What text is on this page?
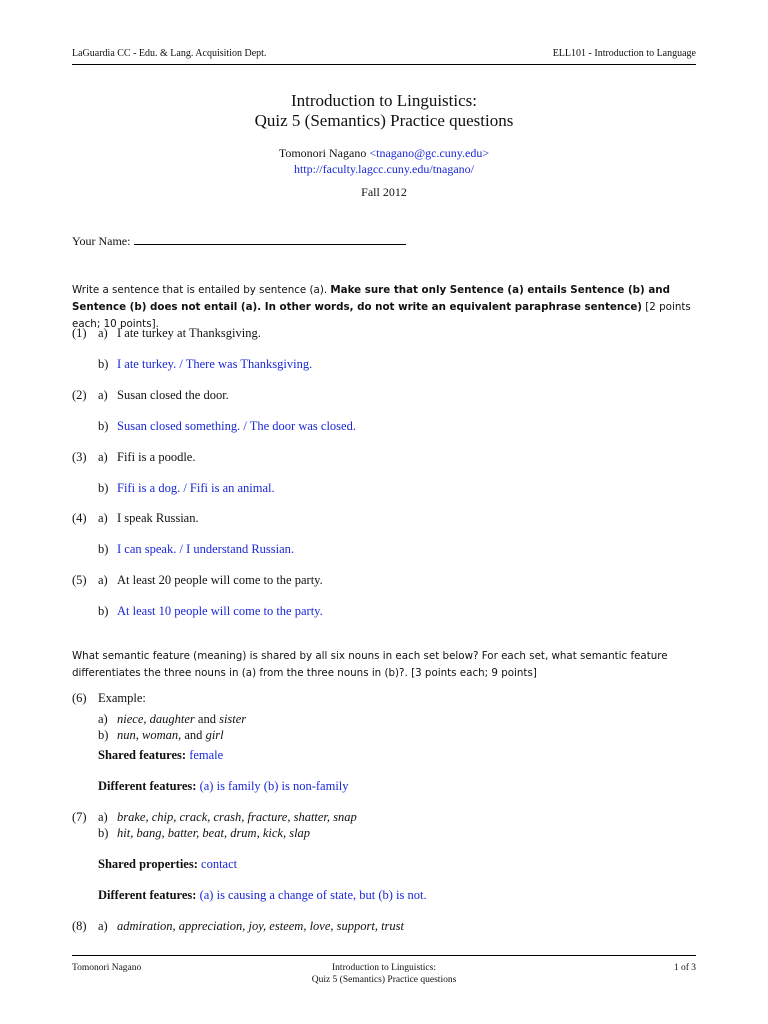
LaGuardia CC - Edu. & Lang. Acquisition Dept.	ELL101 - Introduction to Language
Introduction to Linguistics:
Quiz 5 (Semantics) Practice questions
Tomonori Nagano <tnagano@gc.cuny.edu>
http://faculty.lagcc.cuny.edu/tnagano/
Fall 2012
Your Name:
Write a sentence that is entailed by sentence (a). Make sure that only Sentence (a) entails Sentence (b) and Sentence (b) does not entail (a). In other words, do not write an equivalent paraphrase sentence) [2 points each; 10 points].
(1) a) I ate turkey at Thanksgiving.
b) I ate turkey. / There was Thanksgiving.
(2) a) Susan closed the door.
b) Susan closed something. / The door was closed.
(3) a) Fifi is a poodle.
b) Fifi is a dog. / Fifi is an animal.
(4) a) I speak Russian.
b) I can speak. / I understand Russian.
(5) a) At least 20 people will come to the party.
b) At least 10 people will come to the party.
What semantic feature (meaning) is shared by all six nouns in each set below? For each set, what semantic feature
differentiates the three nouns in (a) from the three nouns in (b)?. [3 points each; 9 points]
(6) Example:
a) niece, daughter and sister
b) nun, woman, and girl
Shared features: female
Different features: (a) is family (b) is non-family
(7) a) brake, chip, crack, crash, fracture, shatter, snap
b) hit, bang, batter, beat, drum, kick, slap
Shared properties: contact
Different features: (a) is causing a change of state, but (b) is not.
(8) a) admiration, appreciation, joy, esteem, love, support, trust
Tomonori Nagano	Introduction to Linguistics:
Quiz 5 (Semantics) Practice questions
1 of 3
